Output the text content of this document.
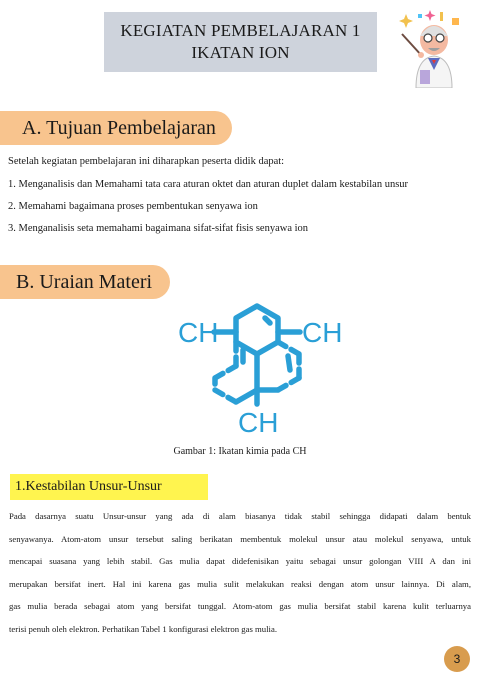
KEGIATAN PEMBELAJARAN 1
IKATAN ION
A. Tujuan Pembelajaran
Setelah kegiatan pembelajaran ini diharapkan peserta didik dapat:
1. Menganalisis dan Memahami tata cara aturan oktet dan aturan duplet dalam kestabilan unsur
2. Memahami bagaimana proses pembentukan senyawa ion
3. Menganalisis seta memahami bagaimana sifat-sifat fisis senyawa ion
B. Uraian Materi
CH	CH
CH
Gambar 1: Ikatan kimia pada CH
1.Kestabilan Unsur-Unsur
Pada dasarnya suatu Unsur-unsur yang ada di alam biasanya tidak stabil sehingga didapati dalam bentuk
senyawanya. Atom-atom unsur tersebut saling berikatan membentuk molekul unsur atau molekul senyawa, untuk
mencapai suasana yang lebih stabil. Gas mulia dapat didefenisikan yaitu sebagai unsur golongan VIII A dan ini
merupakan bersifat inert. Hal ini karena gas mulia sulit melakukan reaksi dengan atom unsur lainnya. Di alam,
gas mulia berada sebagai atom yang bersifat tunggal. Atom-atom gas mulia bersifat stabil karena kulit terluarnya
terisi penuh oleh elektron. Perhatikan Tabel 1 konfigurasi elektron gas mulia.
3
